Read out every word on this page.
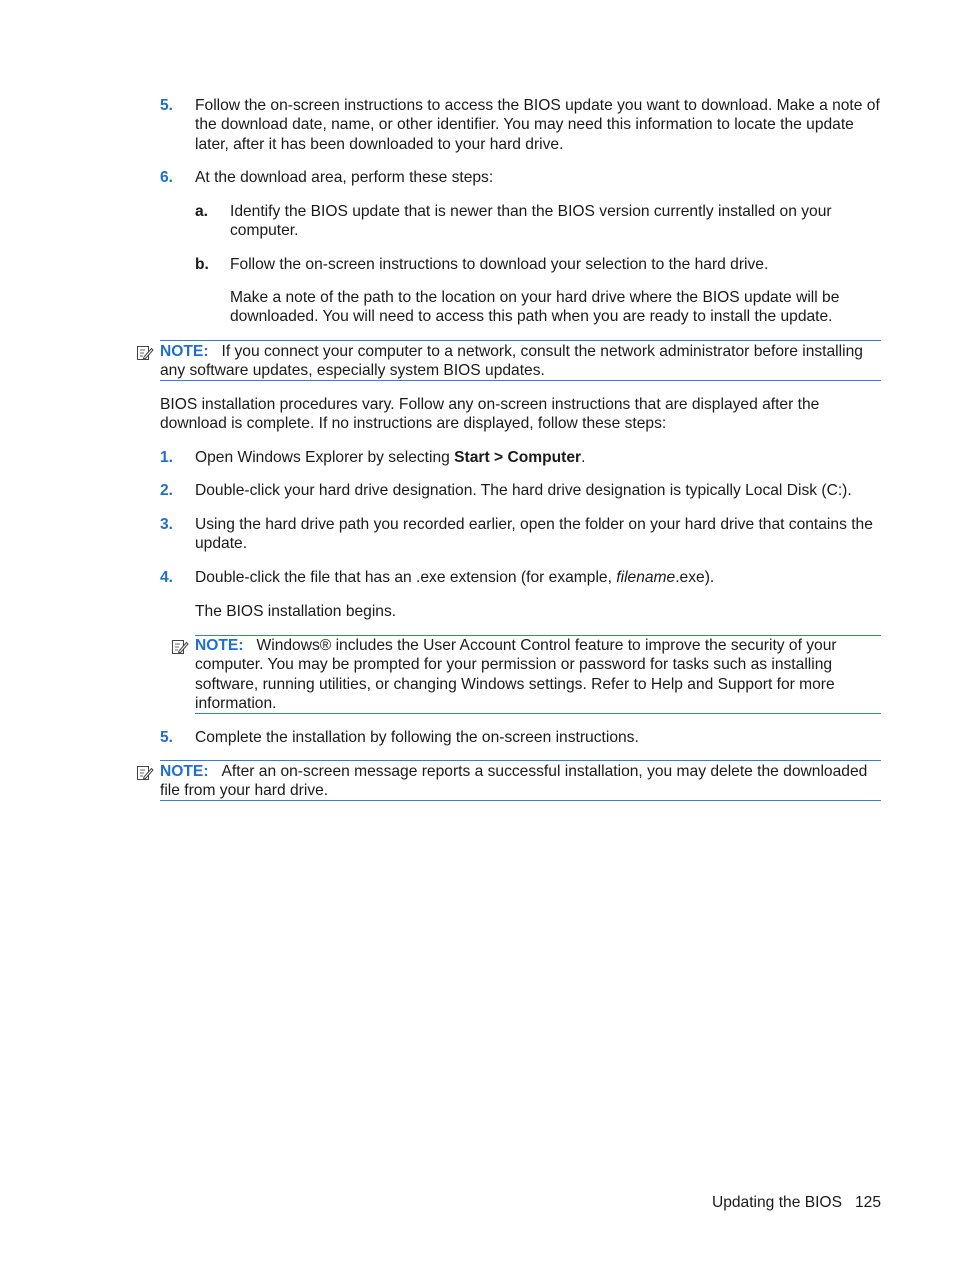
5. Follow the on-screen instructions to access the BIOS update you want to download. Make a note of the download date, name, or other identifier. You may need this information to locate the update later, after it has been downloaded to your hard drive.
6. At the download area, perform these steps:
a. Identify the BIOS update that is newer than the BIOS version currently installed on your computer.
b. Follow the on-screen instructions to download your selection to the hard drive.
Make a note of the path to the location on your hard drive where the BIOS update will be downloaded. You will need to access this path when you are ready to install the update.
NOTE: If you connect your computer to a network, consult the network administrator before installing any software updates, especially system BIOS updates.
BIOS installation procedures vary. Follow any on-screen instructions that are displayed after the download is complete. If no instructions are displayed, follow these steps:
1. Open Windows Explorer by selecting Start > Computer.
2. Double-click your hard drive designation. The hard drive designation is typically Local Disk (C:).
3. Using the hard drive path you recorded earlier, open the folder on your hard drive that contains the update.
4. Double-click the file that has an .exe extension (for example, filename.exe).
The BIOS installation begins.
NOTE: Windows® includes the User Account Control feature to improve the security of your computer. You may be prompted for your permission or password for tasks such as installing software, running utilities, or changing Windows settings. Refer to Help and Support for more information.
5. Complete the installation by following the on-screen instructions.
NOTE: After an on-screen message reports a successful installation, you may delete the downloaded file from your hard drive.
Updating the BIOS 125
